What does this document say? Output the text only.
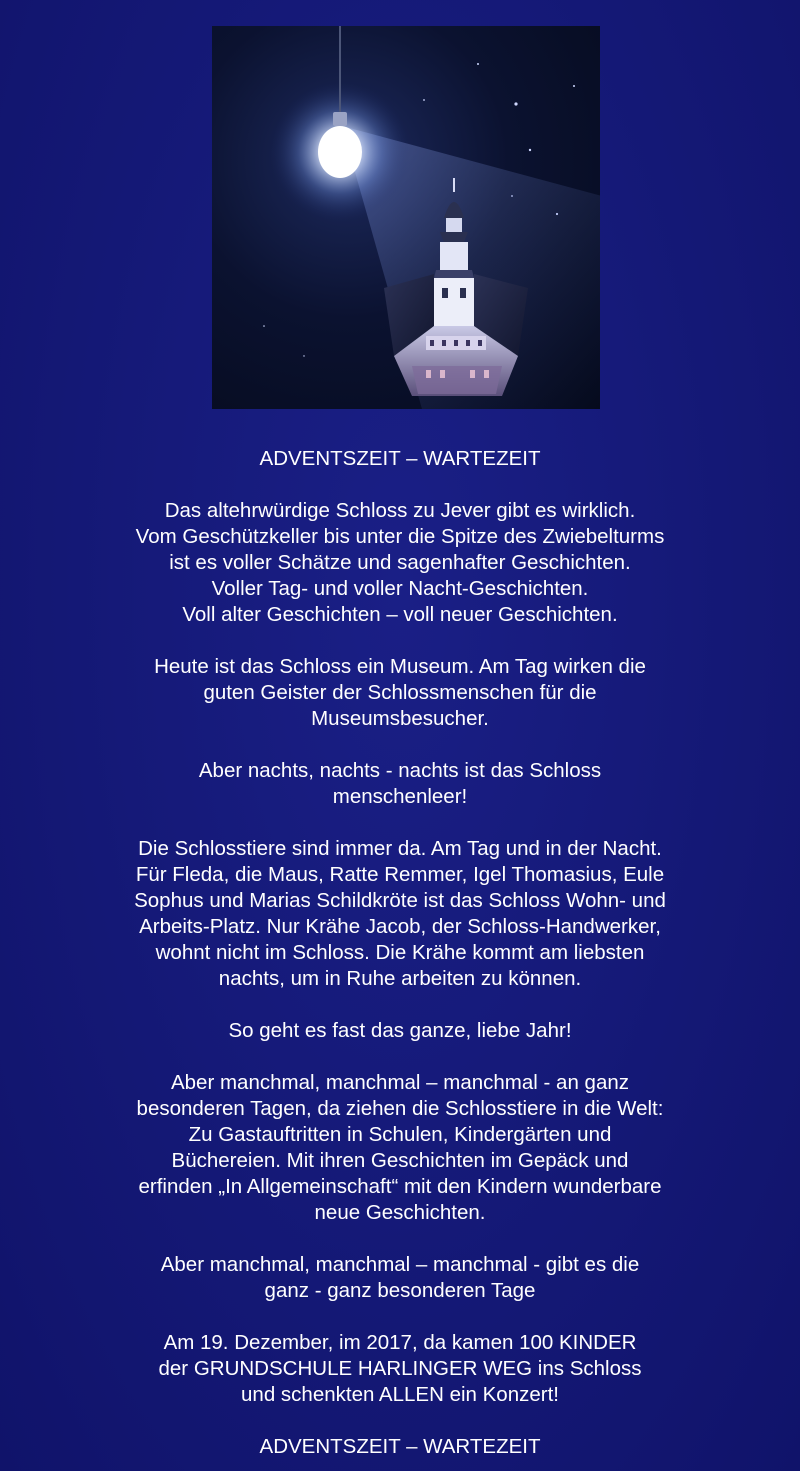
ADVENTSZEIT – WARTEZEIT
Das altehrwürdige Schloss zu Jever gibt es wirklich.
Vom Geschützkeller bis unter die Spitze des Zwiebelturms
ist es voller Schätze und sagenhafter Geschichten.
Voller Tag- und voller Nacht-Geschichten.
Voll alter Geschichten – voll neuer Geschichten.
Heute ist das Schloss ein Museum. Am Tag wirken die
guten Geister der Schlossmenschen für die
Museumsbesucher.
Aber nachts, nachts - nachts ist das Schloss
menschenleer!
Die Schlosstiere sind immer da. Am Tag und in der Nacht.
Für Fleda, die Maus, Ratte Remmer, Igel Thomasius, Eule
Sophus und Marias Schildkröte ist das Schloss Wohn- und
Arbeits-Platz. Nur Krähe Jacob, der Schloss-Handwerker,
wohnt nicht im Schloss. Die Krähe kommt am liebsten
nachts, um in Ruhe arbeiten zu können.
So geht es fast das ganze, liebe Jahr!
Aber manchmal, manchmal – manchmal - an ganz
besonderen Tagen, da ziehen die Schlosstiere in die Welt:
Zu Gastauftritten in Schulen, Kindergärten und
Büchereien. Mit ihren Geschichten im Gepäck und
erfinden „In Allgemeinschaft“ mit den Kindern wunderbare
neue Geschichten.
Aber manchmal, manchmal – manchmal - gibt es die
ganz - ganz besonderen Tage
Am 19. Dezember, im 2017, da kamen 100 KINDER
der GRUNDSCHULE HARLINGER WEG ins Schloss
und schenkten ALLEN ein Konzert!
ADVENTSZEIT – WARTEZEIT
